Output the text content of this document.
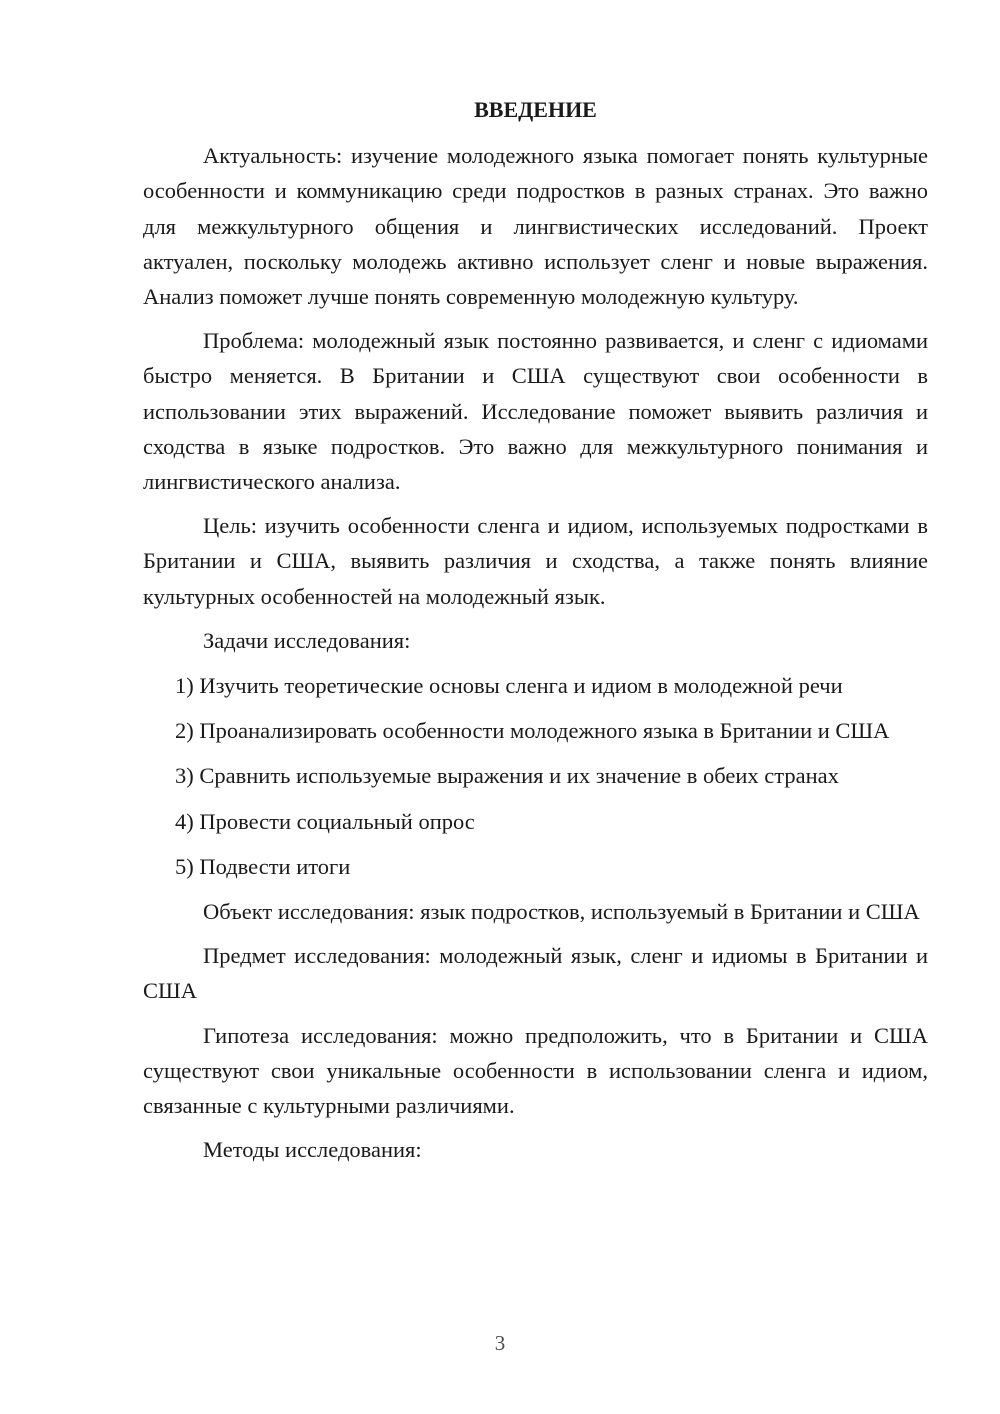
ВВЕДЕНИЕ

Актуальность: изучение молодежного языка помогает понять культурные особенности и коммуникацию среди подростков в разных странах. Это важно для межкультурного общения и лингвистических исследований. Проект актуален, поскольку молодежь активно использует сленг и новые выражения. Анализ поможет лучше понять современную молодежную культуру.

Проблема: молодежный язык постоянно развивается, и сленг с идиомами быстро меняется. В Британии и США существуют свои особенности в использовании этих выражений. Исследование поможет выявить различия и сходства в языке подростков. Это важно для межкультурного понимания и лингвистического анализа.

Цель: изучить особенности сленга и идиом, используемых подростками в Британии и США, выявить различия и сходства, а также понять влияние культурных особенностей на молодежный язык.

Задачи исследования:

1) Изучить теоретические основы сленга и идиом в молодежной речи

2) Проанализировать особенности молодежного языка в Британии и США

3) Сравнить используемые выражения и их значение в обеих странах

4) Провести социальный опрос

5) Подвести итоги

Объект исследования: язык подростков, используемый в Британии и США

Предмет исследования: молодежный язык, сленг и идиомы в Британии и США

Гипотеза исследования: можно предположить, что в Британии и США существуют свои уникальные особенности в использовании сленга и идиом, связанные с культурными различиями.

Методы исследования:

3
